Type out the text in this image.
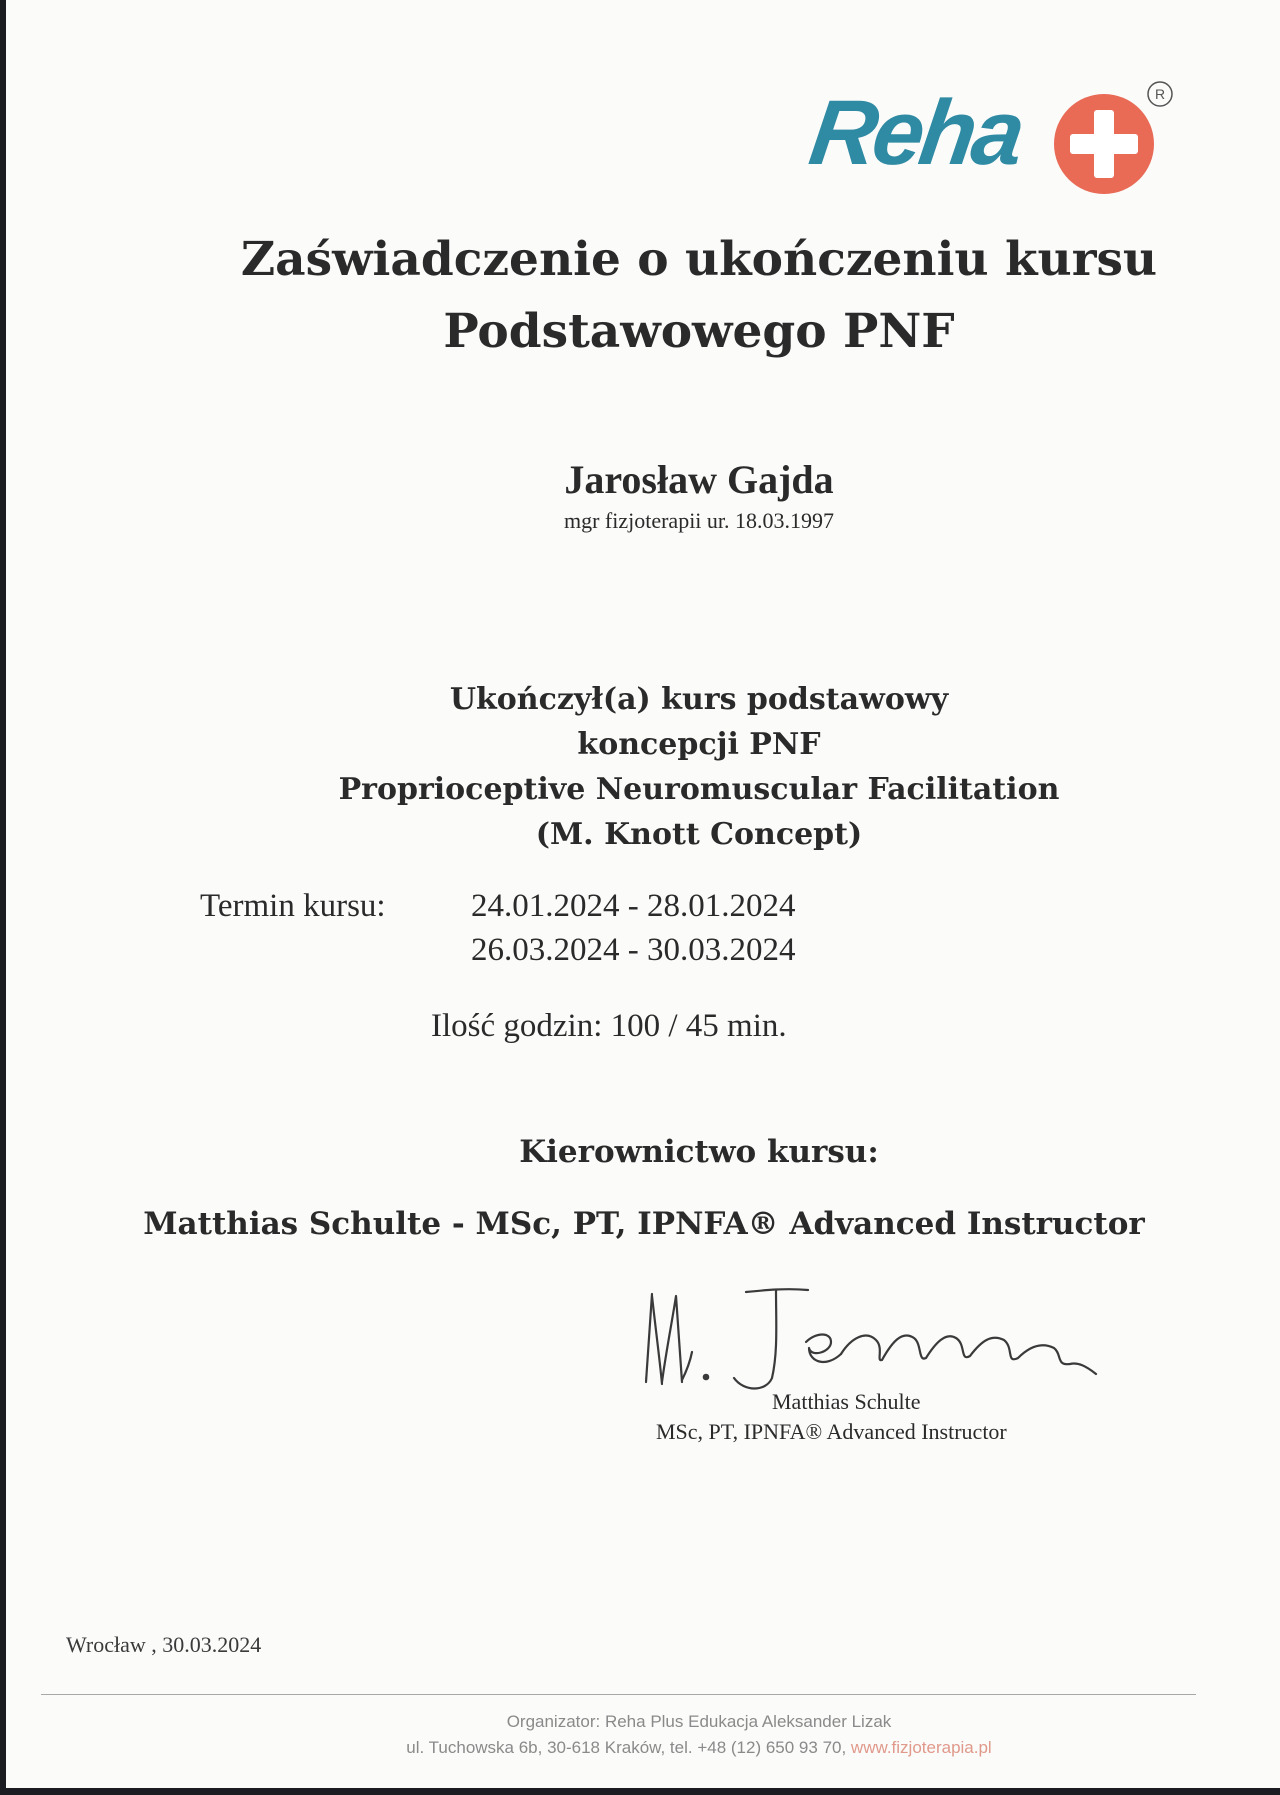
Reha	R
Zaświadczenie o ukończeniu kursu
Podstawowego PNF
Jarosław Gajda
mgr fizjoterapii ur. 18.03.1997
Ukończył(a) kurs podstawowy
koncepcji PNF
Proprioceptive Neuromuscular Facilitation
(M. Knott Concept)
Termin kursu:	24.01.2024 - 28.01.2024
26.03.2024 - 30.03.2024
Ilość godzin: 100 / 45 min.
Kierownictwo kursu:
Matthias Schulte - MSc, PT, IPNFA® Advanced Instructor
Matthias Schulte
MSc, PT, IPNFA® Advanced Instructor
Wrocław , 30.03.2024
Organizator: Reha Plus Edukacja Aleksander Lizak
ul. Tuchowska 6b, 30-618 Kraków, tel. +48 (12) 650 93 70, www.fizjoterapia.pl
